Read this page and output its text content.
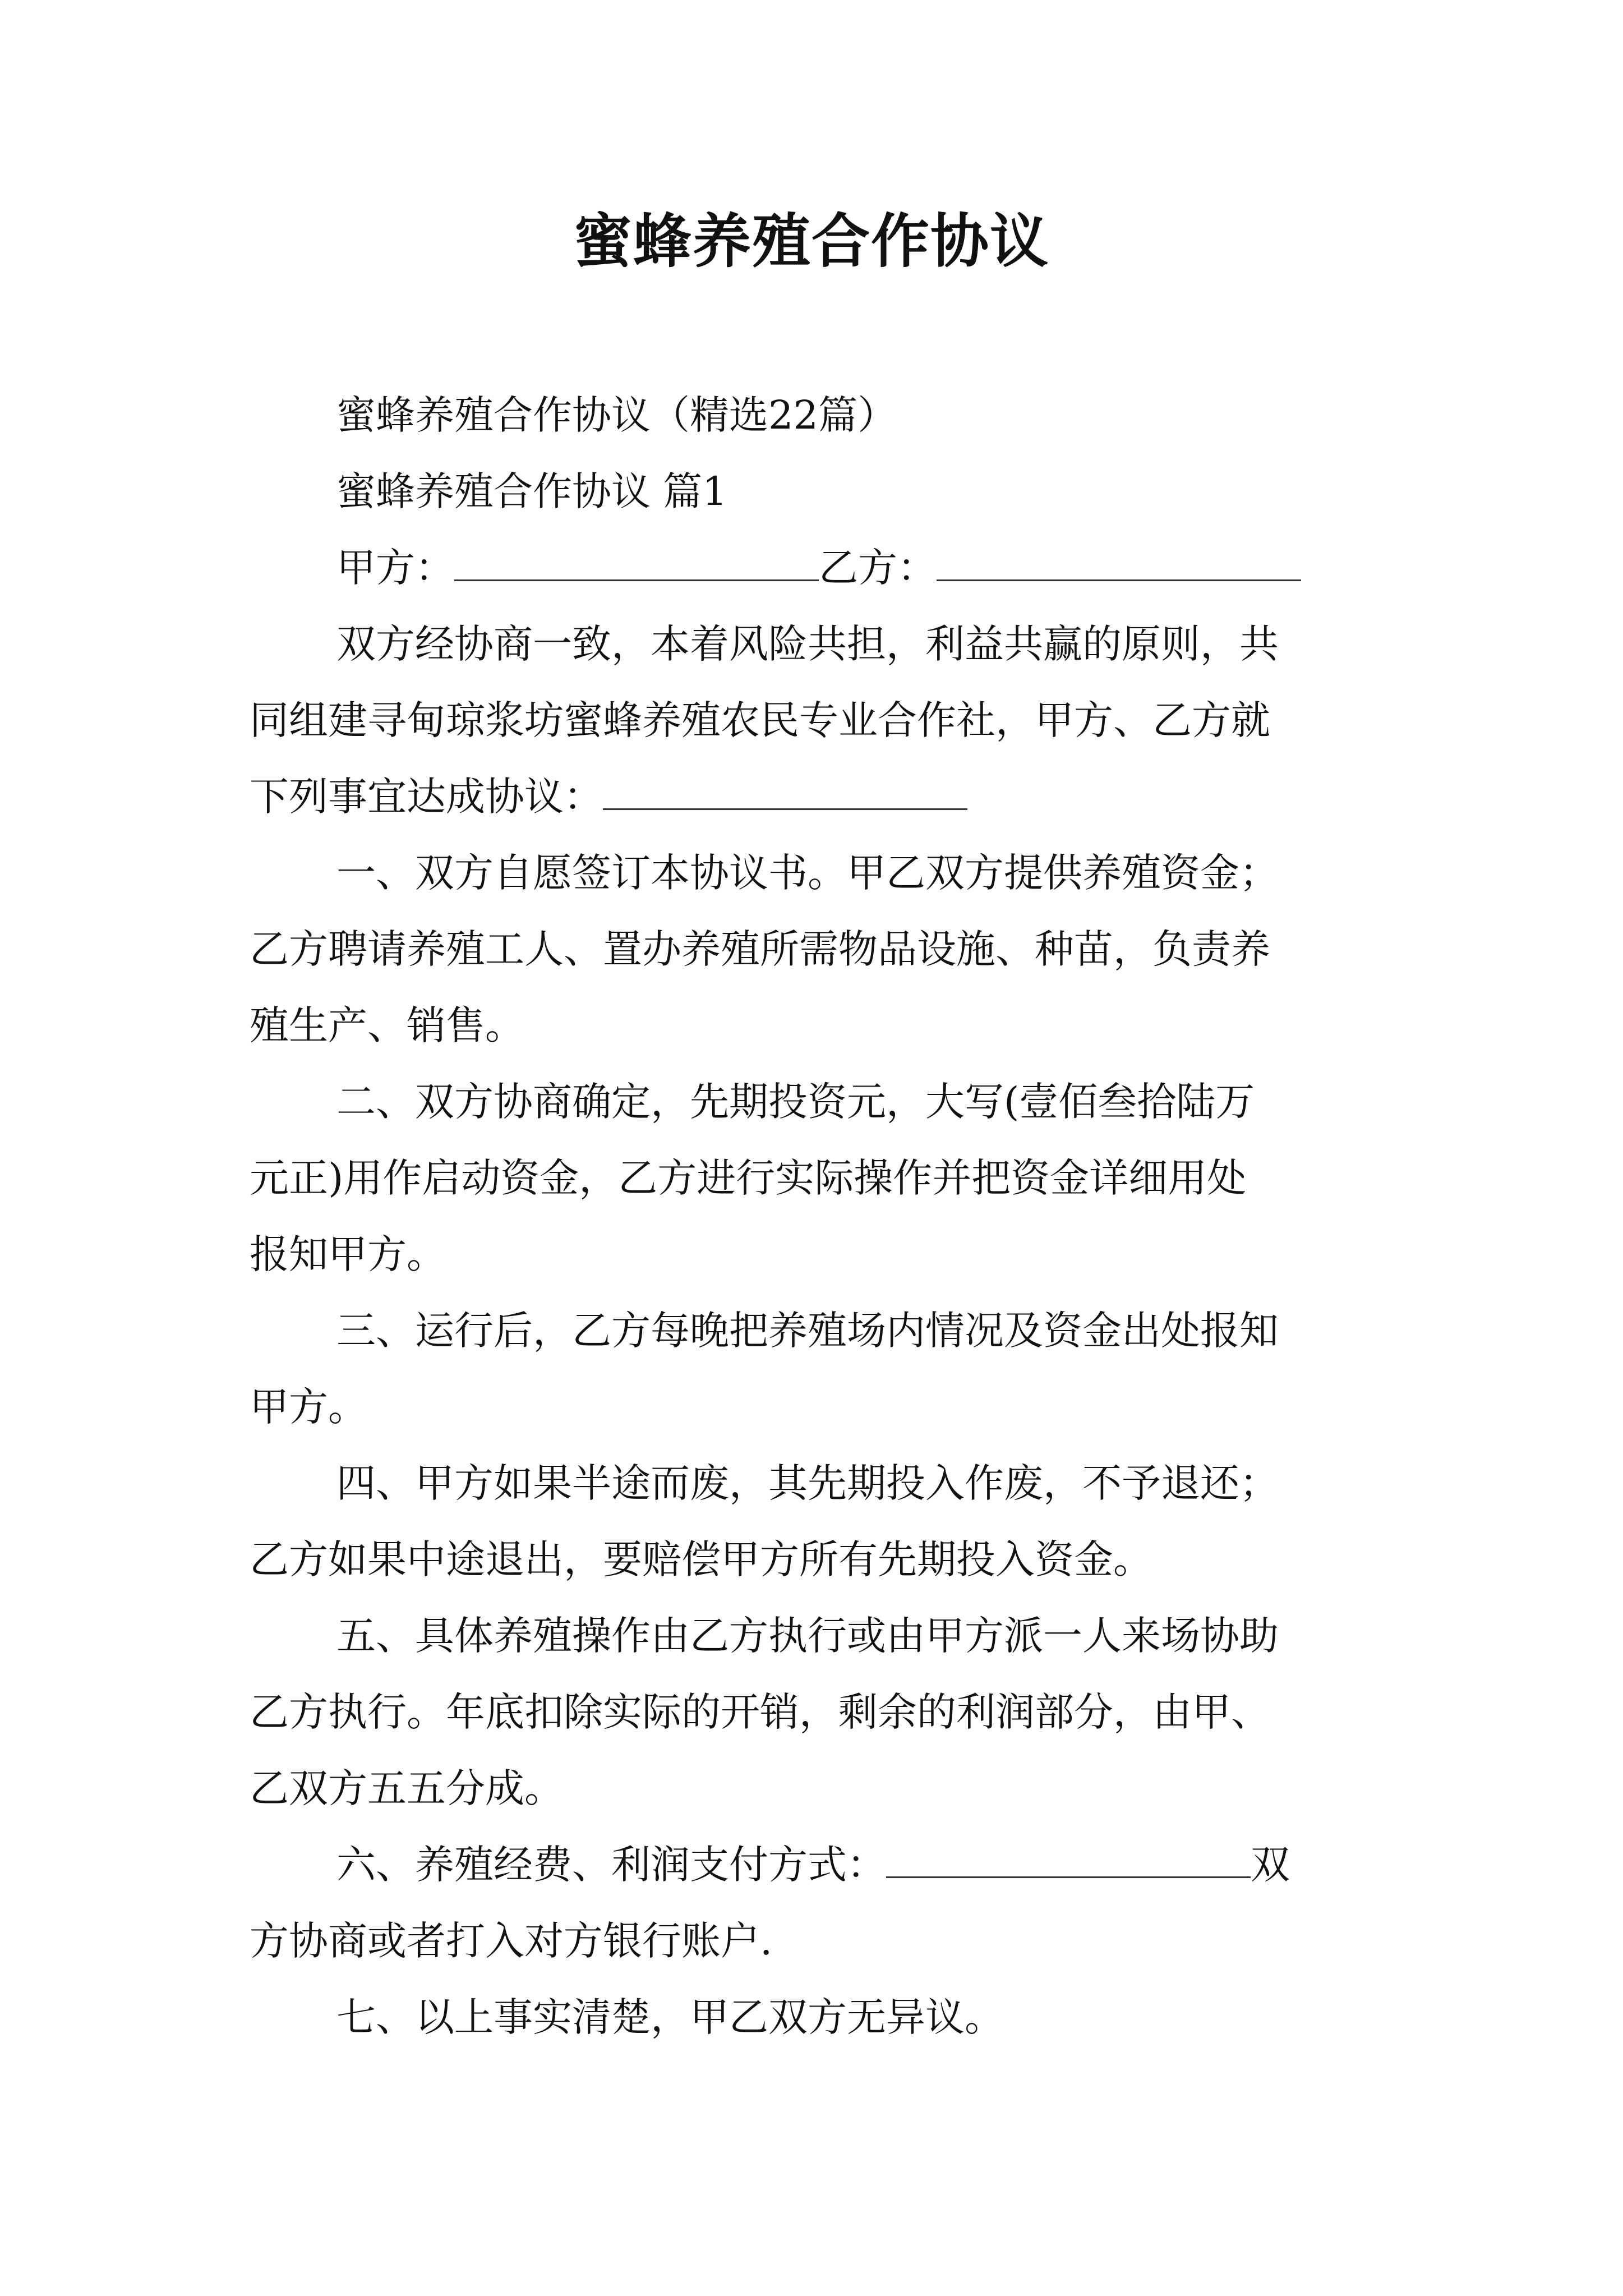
蜜蜂养殖合作协议

蜜蜂养殖合作协议（精选22篇）

蜜蜂养殖合作协议 篇1

甲方：	乙方：

双方经协商一致，本着风险共担，利益共赢的原则，共

同组建寻甸琼浆坊蜜蜂养殖农民专业合作社，甲方、乙方就

下列事宜达成协议：

一、双方自愿签订本协议书。甲乙双方提供养殖资金；

乙方聘请养殖工人、置办养殖所需物品设施、种苗，负责养

殖生产、销售。

二、双方协商确定，先期投资元，大写(壹佰叁拾陆万

元正)用作启动资金，乙方进行实际操作并把资金详细用处

报知甲方。

三、运行后，乙方每晚把养殖场内情况及资金出处报知

甲方。

四、甲方如果半途而废，其先期投入作废，不予退还；

乙方如果中途退出，要赔偿甲方所有先期投入资金。

五、具体养殖操作由乙方执行或由甲方派一人来场协助

乙方执行。年底扣除实际的开销，剩余的利润部分，由甲、

乙双方五五分成。

六、养殖经费、利润支付方式：	双

方协商或者打入对方银行账户.

七、以上事实清楚，甲乙双方无异议。
